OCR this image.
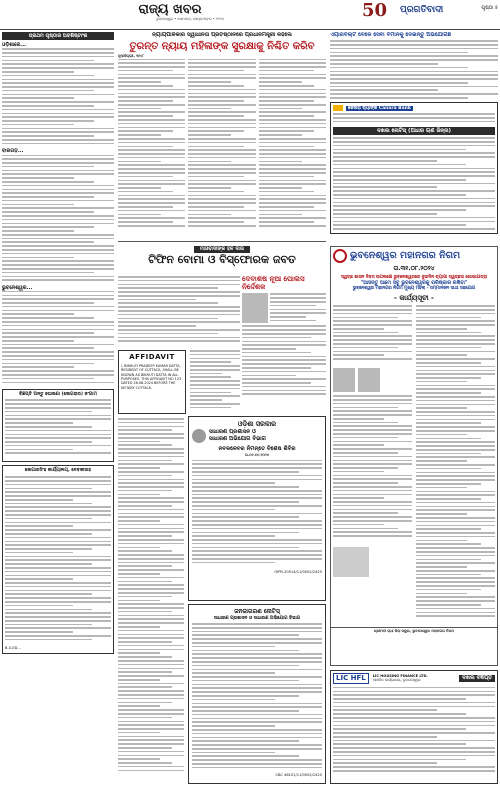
ରାଜ୍ୟ ଖବର
ଭୁବନେଶ୍ୱର • ସୋମବାର, ସେପ୍ଟେମ୍ବର • ୨୦୨୪	50 ପ୍ରଗତିବାଦୀ	ପୃଷ୍ଠା ୫
ପ୍ରଥମ ପୃଷ୍ଠାର ଅବଶିଷ୍ଟାଂଶ
ଓଡ଼ିଶାରେ...
ବାରଗଡ଼...
ଭୁବନେଶ୍ୱର...
ବିଜ୍ଞପ୍ତି ଅନ୍ତୁ ଘୋଷଣା (ଜୋଗରାର) ଜଂଗାମ
ଜୋଗାରସିଂହ କାର୍ଯ୍ୟାଳୟ, ଦେବକୀସାହ
B-0-ED...
ନ୍ୟାୟପାଳିକାର ସ୍ୱାଧୀନତା ପ୍ରତିଷ୍ଠାନରେ ପ୍ରଧାନମନ୍ତ୍ରୀ କହିଲେ
ତୁରନ୍ତ ନ୍ୟାୟ ମହିଳାଙ୍କ ସୁରକ୍ଷାକୁ ନିଶ୍ଚିତ କରିବ
ନୂଆଦିଲ୍ଲୀ, ୩୧/୮
ଏୟାରବିଲ୍ଟ ବେକେ ସେବା ବିମାନକୁ ଦେଇନ୍ତୁ ଅଭିଯୋଗିଛି
କେନାରା ବ୍ୟାଙ୍କ Canara Bank
ଦଖଲ ନୋଟିସ୍ (ଅଧାର ଋଣ ଜିନ୍ନା)
ମାଓବାଦୀଙ୍କ ହଳ ଦାଉ
ଟିଫିନ ବୋମା ଓ ବିସ୍ଫୋରକ ଜବତ
ଦେବାଶିଷ ନୂଆ ପୋଲିସ ନିର୍ଦ୍ଦେଶକ
AFFIDAVIT
I, BIBHUTI PRADEEP KUMAR DATTA, RESIDENT OF CUTTACK, SHALL BE KNOWN AS BIBHUTI DATTA IN ALL PURPOSES. THIS AFFIDAVIT NO 123 DATED 26.08.2024 BEFORE THE NOTARY CUTTACK.
ଓଡ଼ିଶା ସରକାର
ସାଧାରଣ ପ୍ରଶାସନ ଓ
ସାଧାରଣ ଅଭିଯୋଗ ବିଭାଗ
ନବକଳେବର ନିମନ୍ତେ ବିଶେଷ ଶିବିର
ତା.୦୨.୦୯.୨୦୨୪
OIPR-20514/11/0002/2425
ଜନଜାଗରଣ ନୋଟିସ୍
ସାଧାରଣ ପ୍ରଶାସନ ଓ ସାଧାରଣ ଅଭିଯୋଗ ବିଭାଗ
CBC 46101/11/0002/2425
ଭୁବନେଶ୍ୱର ମହାନଗର ନିଗମ
ତା.୩୧.୦୮.୨୦୨୪
ସ୍ୱଚ୍ଛ ଶାସନ ଦିବସ ଉପଲକ୍ଷେ ଭୁବନେଶ୍ୱରରେ ଦୁଇଦିନ ବ୍ୟାପୀ ସ୍ୱଚ୍ଛତା ଶୋଭାଯାତ୍ରା
"ଆସନ୍ତୁ ଆମେ ସବୁ ଭୁବନେଶ୍ୱରକୁ ପରିଷ୍କାର ରଖିବା"
ଭୁବନେଶ୍ୱର ମହାନଗର ନିଗମ ମୁଖ୍ୟ ମହଲା - ସମ୍ମାନଜନ ସାଥୀ ସହଯୋଗ
- କାର୍ଯ୍ୟସୂଚୀ -
ଶ୍ରୀମତୀ ରାଧା ଜିଲା ସ୍କୁଲ, ଭୁବନେଶ୍ୱର ମହାନଗର ନିଗମ
LIC HFL	LIC HOUSING FINANCE LTD.
ଆଞ୍ଚଳିକ କାର୍ଯ୍ୟାଳୟ, ଭୁବନେଶ୍ୱର	ଦଖଲ ବିଜ୍ଞପ୍ତି
